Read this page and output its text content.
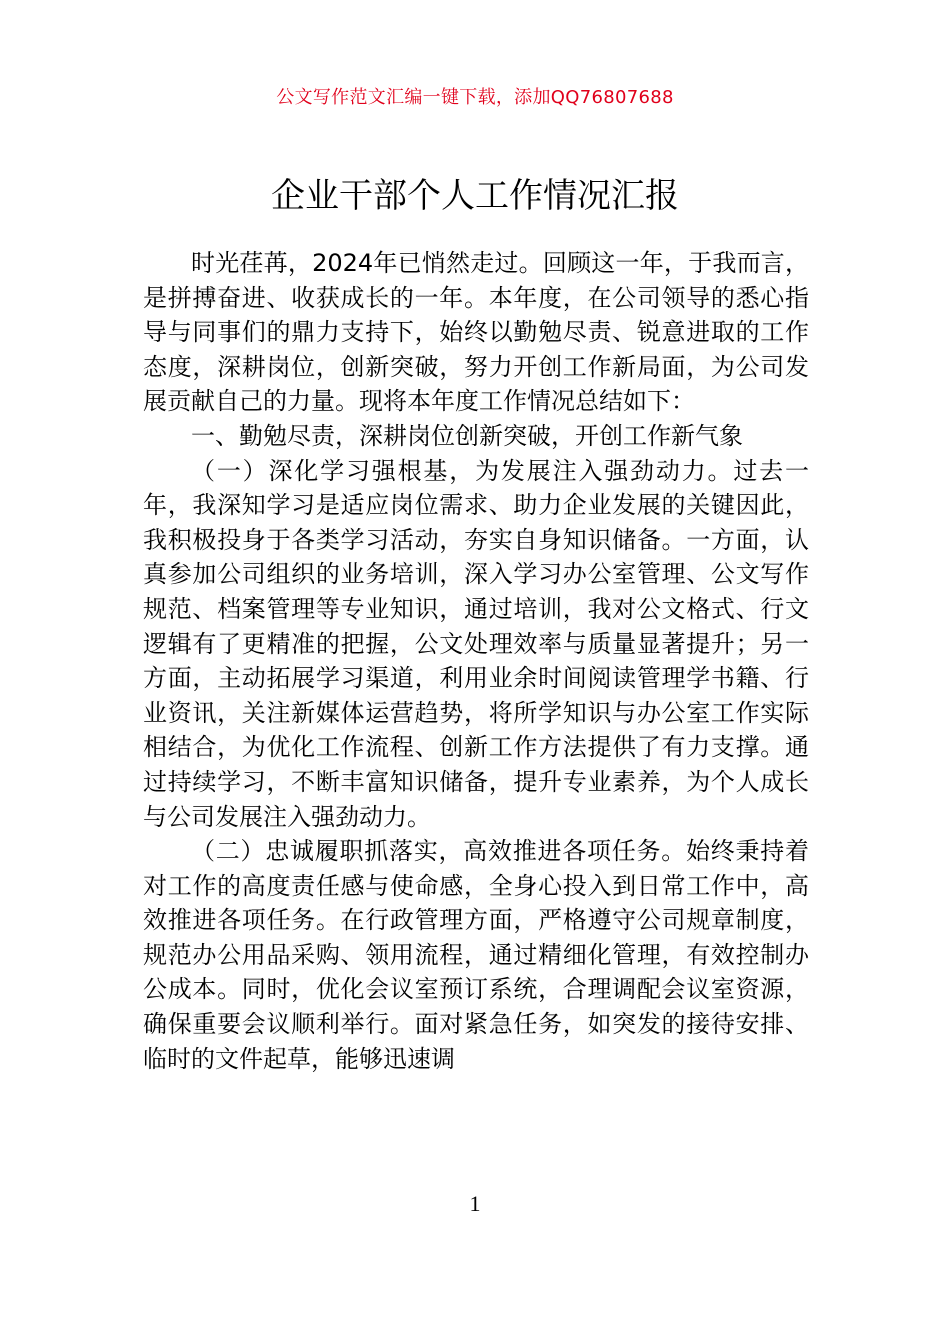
公文写作范文汇编一键下载，添加QQ76807688
企业干部个人工作情况汇报

时光荏苒，2024年已悄然走过。回顾这一年，于我而言，是拼搏奋进、收获成长的一年。本年度，在公司领导的悉心指导与同事们的鼎力支持下，始终以勤勉尽责、锐意进取的工作态度，深耕岗位，创新突破，努力开创工作新局面，为公司发展贡献自己的力量。现将本年度工作情况总结如下：

一、勤勉尽责，深耕岗位创新突破，开创工作新气象

（一）深化学习强根基，为发展注入强劲动力。过去一年，我深知学习是适应岗位需求、助力企业发展的关键因此，我积极投身于各类学习活动，夯实自身知识储备。一方面，认真参加公司组织的业务培训，深入学习办公室管理、公文写作规范、档案管理等专业知识，通过培训，我对公文格式、行文逻辑有了更精准的把握，公文处理效率与质量显著提升；另一方面，主动拓展学习渠道，利用业余时间阅读管理学书籍、行业资讯，关注新媒体运营趋势，将所学知识与办公室工作实际相结合，为优化工作流程、创新工作方法提供了有力支撑。通过持续学习，不断丰富知识储备，提升专业素养，为个人成长与公司发展注入强劲动力。

（二）忠诚履职抓落实，高效推进各项任务。始终秉持着对工作的高度责任感与使命感，全身心投入到日常工作中，高效推进各项任务。在行政管理方面，严格遵守公司规章制度，规范办公用品采购、领用流程，通过精细化管理，有效控制办公成本。同时，优化会议室预订系统，合理调配会议室资源，确保重要会议顺利举行。面对紧急任务，如突发的接待安排、临时的文件起草，能够迅速调

1
